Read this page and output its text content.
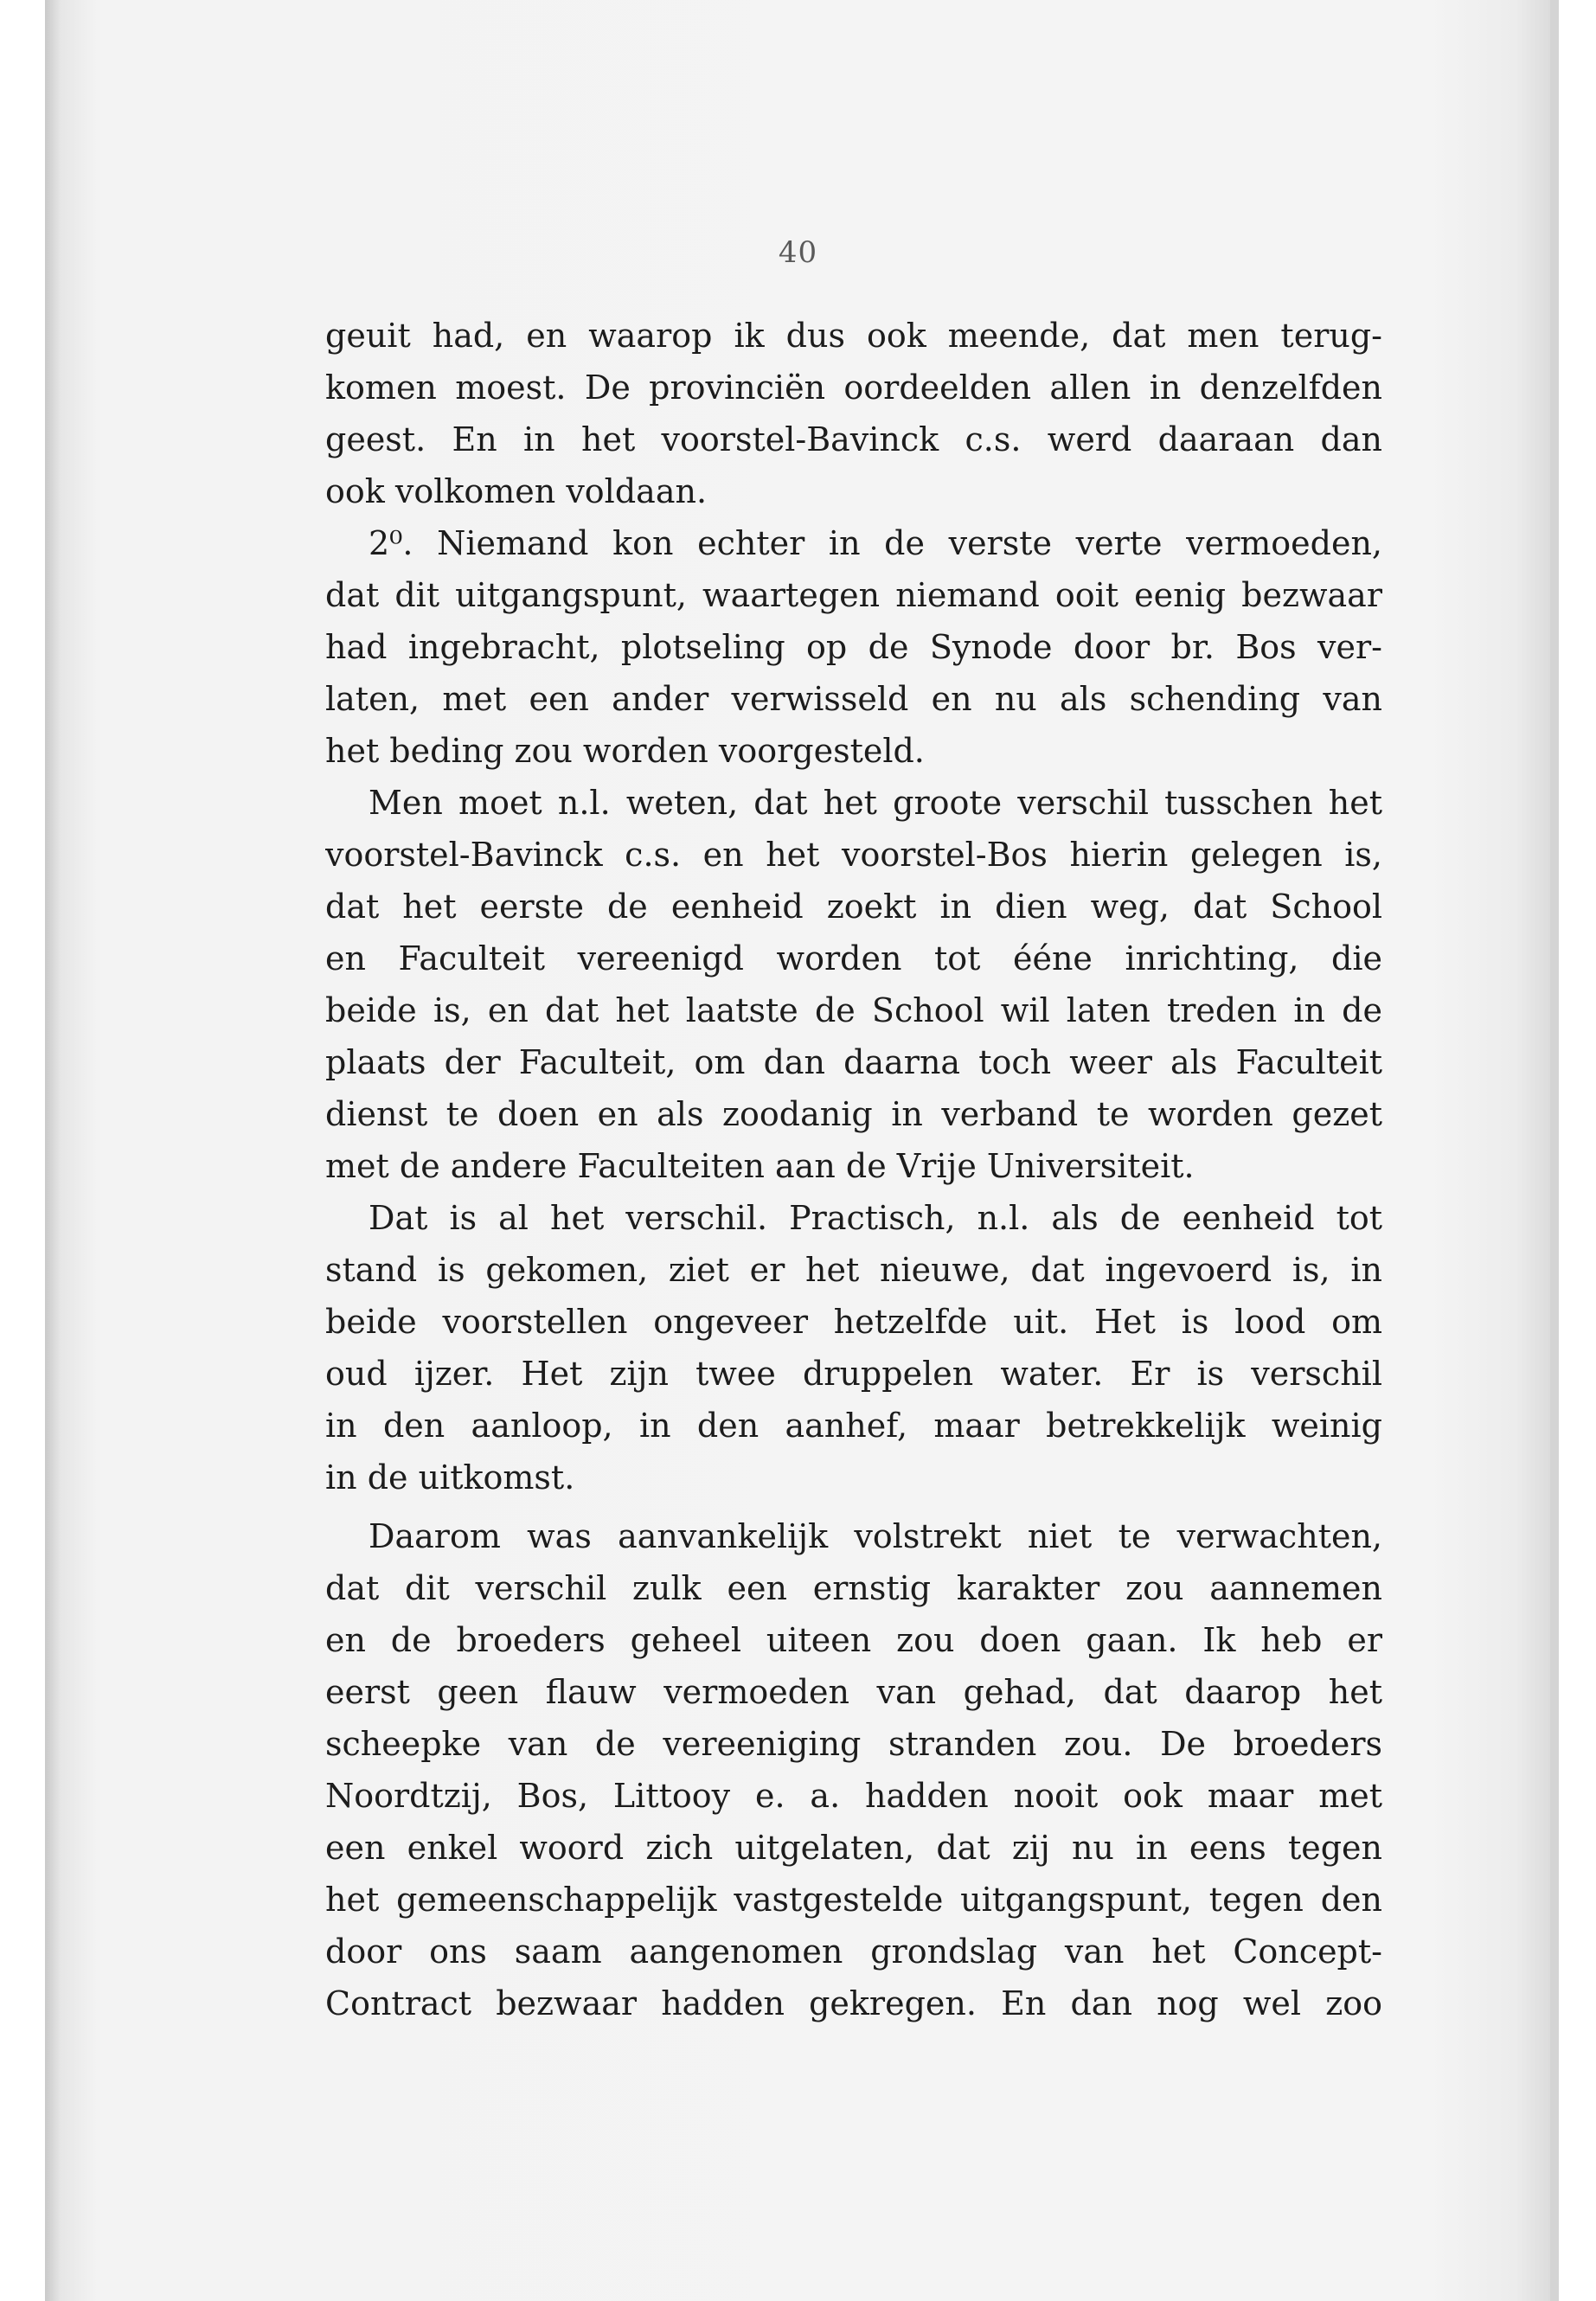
40
geuit had, en waarop ik dus ook meende, dat men terug-
komen moest. De provinciën oordeelden allen in denzelfden
geest. En in het voorstel-Bavinck c.s. werd daaraan dan
ook volkomen voldaan.
2⁰. Niemand kon echter in de verste verte vermoeden,
dat dit uitgangspunt, waartegen niemand ooit eenig bezwaar
had ingebracht, plotseling op de Synode door br. Bos ver-
laten, met een ander verwisseld en nu als schending van
het beding zou worden voorgesteld.
Men moet n.l. weten, dat het groote verschil tusschen het
voorstel-Bavinck c.s. en het voorstel-Bos hierin gelegen is,
dat het eerste de eenheid zoekt in dien weg, dat School
en Faculteit vereenigd worden tot ééne inrichting, die
beide is, en dat het laatste de School wil laten treden in de
plaats der Faculteit, om dan daarna toch weer als Faculteit
dienst te doen en als zoodanig in verband te worden gezet
met de andere Faculteiten aan de Vrije Universiteit.
Dat is al het verschil. Practisch, n.l. als de eenheid tot
stand is gekomen, ziet er het nieuwe, dat ingevoerd is, in
beide voorstellen ongeveer hetzelfde uit. Het is lood om
oud ijzer. Het zijn twee druppelen water. Er is verschil
in den aanloop, in den aanhef, maar betrekkelijk weinig
in de uitkomst.
Daarom was aanvankelijk volstrekt niet te verwachten,
dat dit verschil zulk een ernstig karakter zou aannemen
en de broeders geheel uiteen zou doen gaan. Ik heb er
eerst geen flauw vermoeden van gehad, dat daarop het
scheepke van de vereeniging stranden zou. De broeders
Noordtzij, Bos, Littooy e. a. hadden nooit ook maar met
een enkel woord zich uitgelaten, dat zij nu in eens tegen
het gemeenschappelijk vastgestelde uitgangspunt, tegen den
door ons saam aangenomen grondslag van het Concept-
Contract bezwaar hadden gekregen. En dan nog wel zoo
